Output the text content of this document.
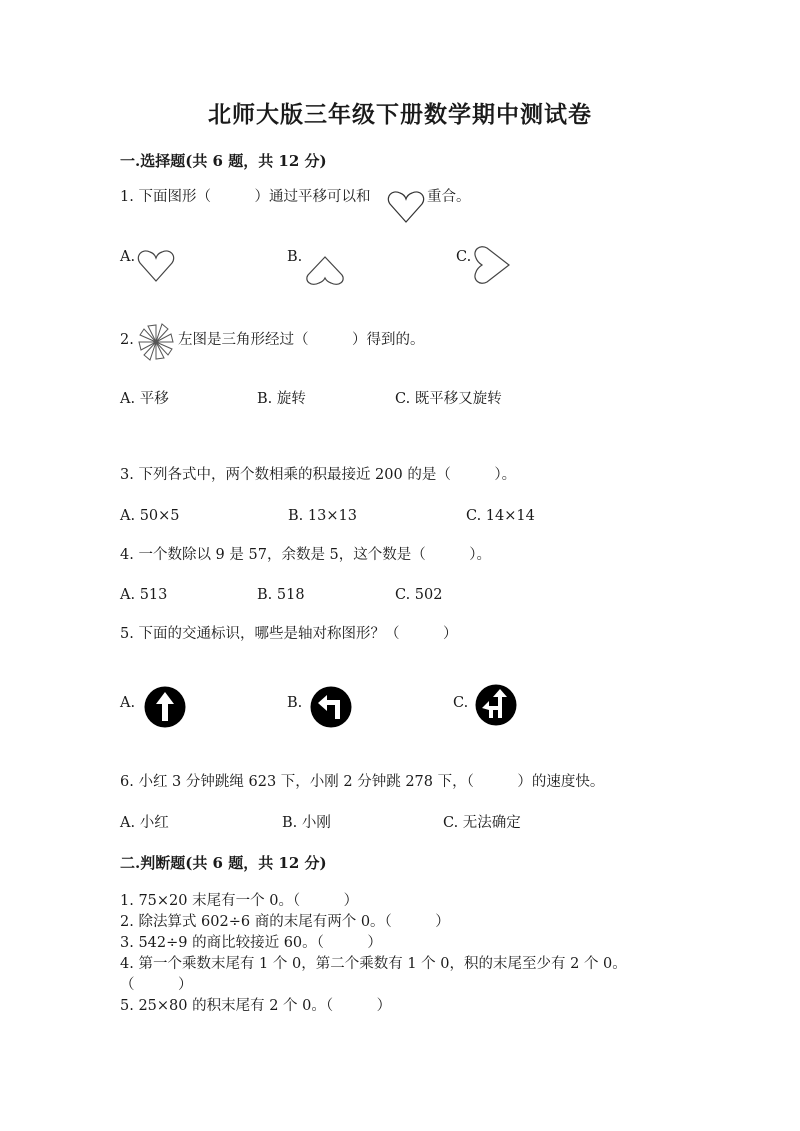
北师大版三年级下册数学期中测试卷
一.选择题(共 6 题，共 12 分)
1. 下面图形（　　　）通过平移可以和	重合。
A.	B.	C.
2.	左图是三角形经过（　　　）得到的。
A. 平移	B. 旋转	C. 既平移又旋转
3. 下列各式中，两个数相乘的积最接近 200 的是（　　　）。
A. 50×5	B. 13×13	C. 14×14
4. 一个数除以 9 是 57，余数是 5，这个数是（　　　）。
A. 513	B. 518	C. 502
5. 下面的交通标识，哪些是轴对称图形？（　　　）
A.	B.	C.
6. 小红 3 分钟跳绳 623 下，小刚 2 分钟跳 278 下，（　　　）的速度快。
A. 小红	B. 小刚	C. 无法确定
二.判断题(共 6 题，共 12 分)
1. 75×20 末尾有一个 0。（　　　）
2. 除法算式 602÷6 商的末尾有两个 0。（　　　）
3. 542÷9 的商比较接近 60。（　　　）
4. 第一个乘数末尾有 1 个 0，第二个乘数有 1 个 0，积的末尾至少有 2 个 0。
（　　　）
5. 25×80 的积末尾有 2 个 0。（　　　）
